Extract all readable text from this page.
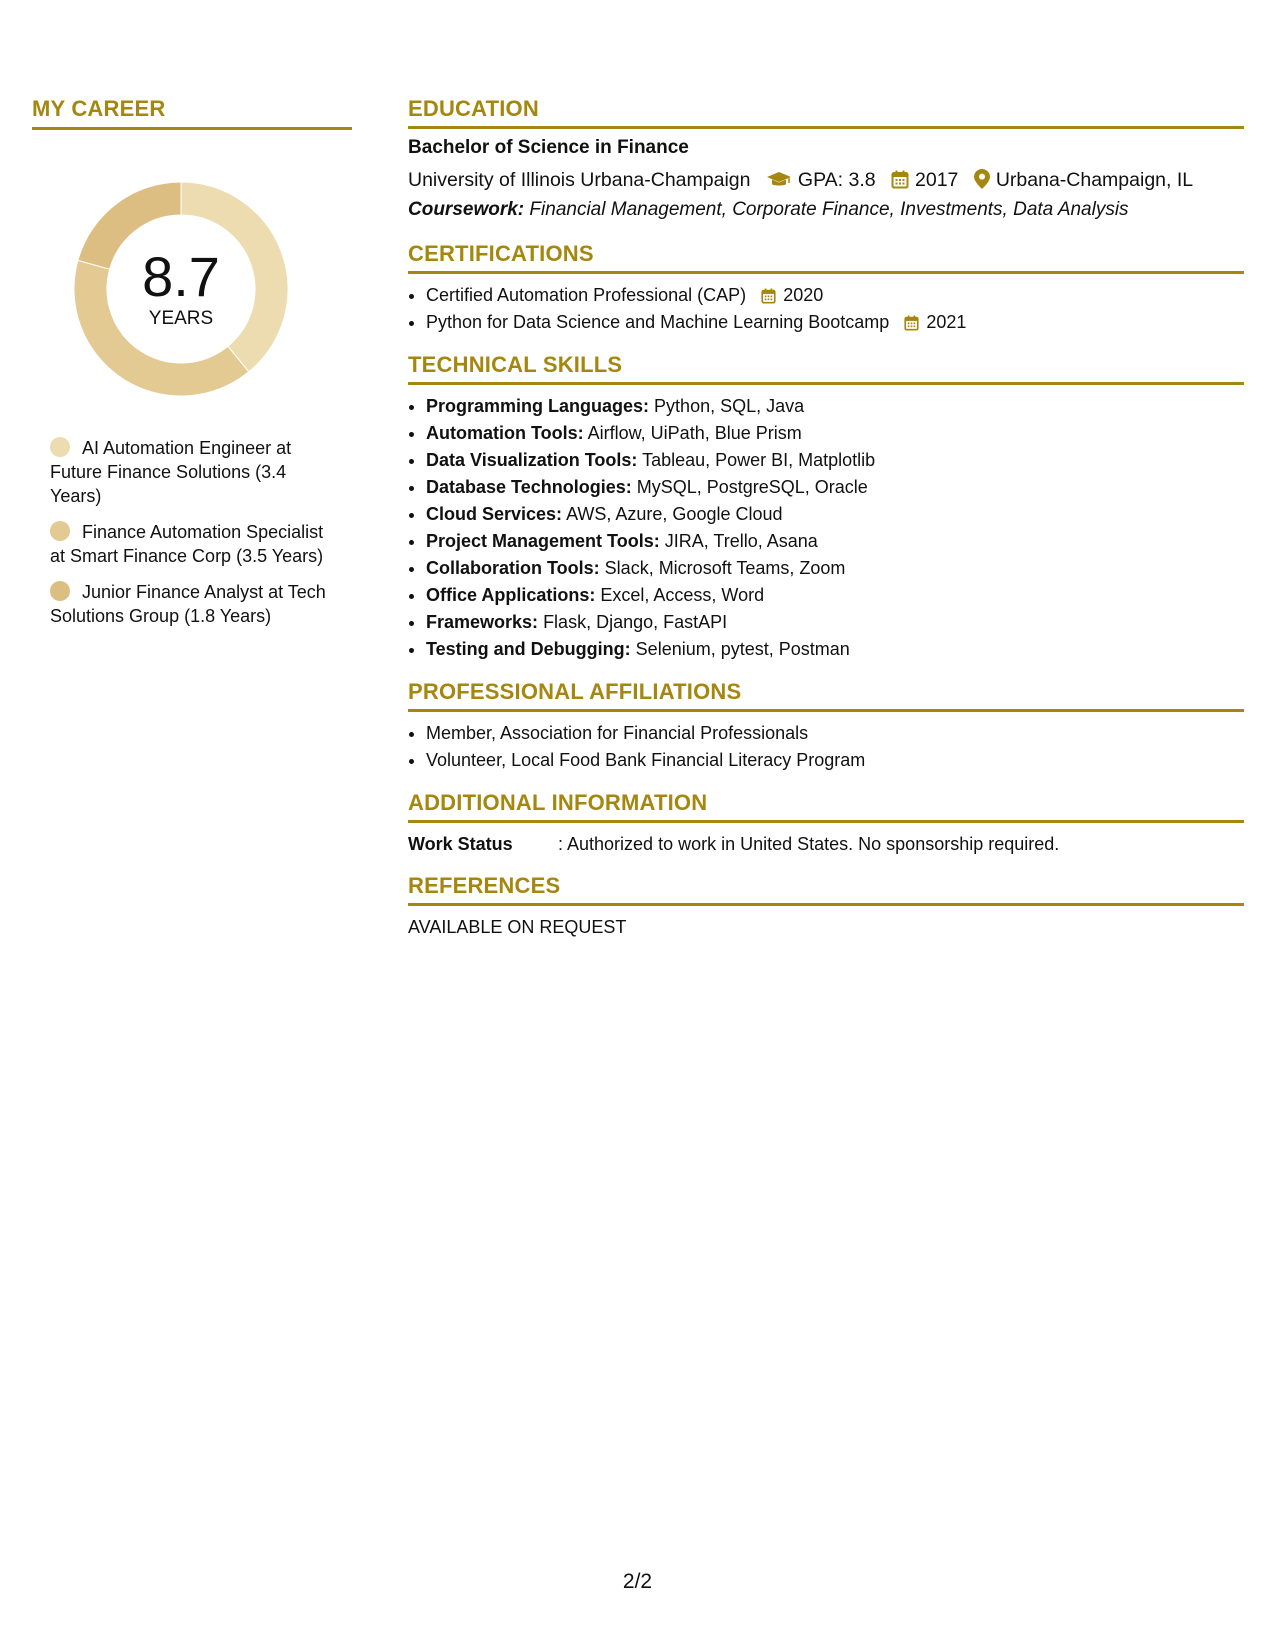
MY CAREER
8.7
YEARS
AI Automation Engineer at Future Finance Solutions (3.4 Years)
Finance Automation Specialist at Smart Finance Corp (3.5 Years)
Junior Finance Analyst at Tech Solutions Group (1.8 Years)
EDUCATION
Bachelor of Science in Finance
University of Illinois Urbana-Champaign GPA: 3.8 2017 Urbana-Champaign, IL
Coursework: Financial Management, Corporate Finance, Investments, Data Analysis
CERTIFICATIONS
• Certified Automation Professional (CAP) 2020
• Python for Data Science and Machine Learning Bootcamp 2021
TECHNICAL SKILLS
• Programming Languages: Python, SQL, Java
• Automation Tools: Airflow, UiPath, Blue Prism
• Data Visualization Tools: Tableau, Power BI, Matplotlib
• Database Technologies: MySQL, PostgreSQL, Oracle
• Cloud Services: AWS, Azure, Google Cloud
• Project Management Tools: JIRA, Trello, Asana
• Collaboration Tools: Slack, Microsoft Teams, Zoom
• Office Applications: Excel, Access, Word
• Frameworks: Flask, Django, FastAPI
• Testing and Debugging: Selenium, pytest, Postman
PROFESSIONAL AFFILIATIONS
• Member, Association for Financial Professionals
• Volunteer, Local Food Bank Financial Literacy Program
ADDITIONAL INFORMATION
Work Status	: Authorized to work in United States. No sponsorship required.
REFERENCES
AVAILABLE ON REQUEST
2/2
